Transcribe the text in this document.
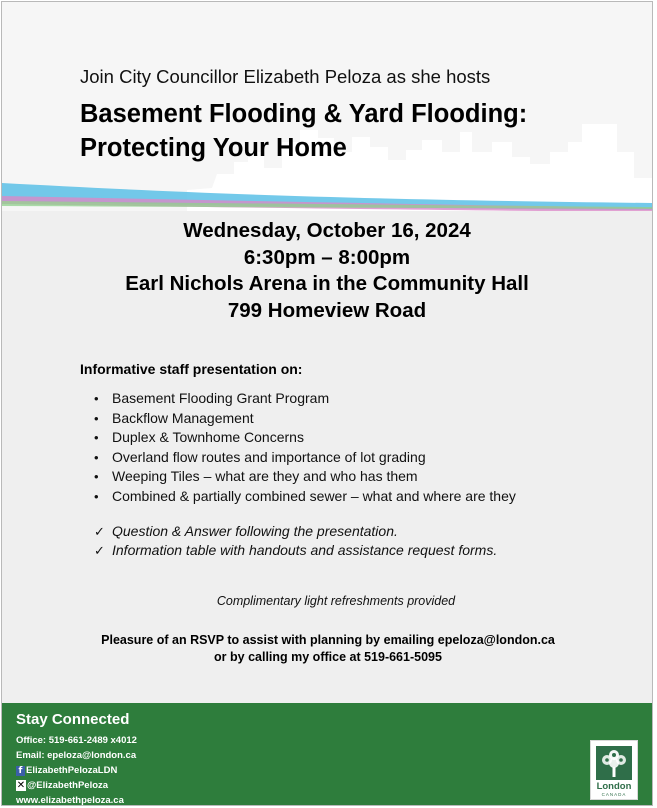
Join City Councillor Elizabeth Peloza as she hosts

Basement Flooding & Yard Flooding:
Protecting Your Home
Wednesday, October 16, 2024
6:30pm – 8:00pm
Earl Nichols Arena in the Community Hall
799 Homeview Road

Informative staff presentation on:

• Basement Flooding Grant Program
• Backflow Management
• Duplex & Townhome Concerns
• Overland flow routes and importance of lot grading
• Weeping Tiles – what are they and who has them
• Combined & partially combined sewer – what and where are they
✓ Question & Answer following the presentation.
✓ Information table with handouts and assistance request forms.

Complimentary light refreshments provided

Pleasure of an RSVP to assist with planning by emailing epeloza@london.ca
or by calling my office at 519-661-5095
Stay Connected
Office: 519-661-2489 x4012
Email: epeloza@london.ca
f ElizabethPelozaLDN
✕ @ElizabethPeloza
www.elizabethpeloza.ca

London

CANADA
